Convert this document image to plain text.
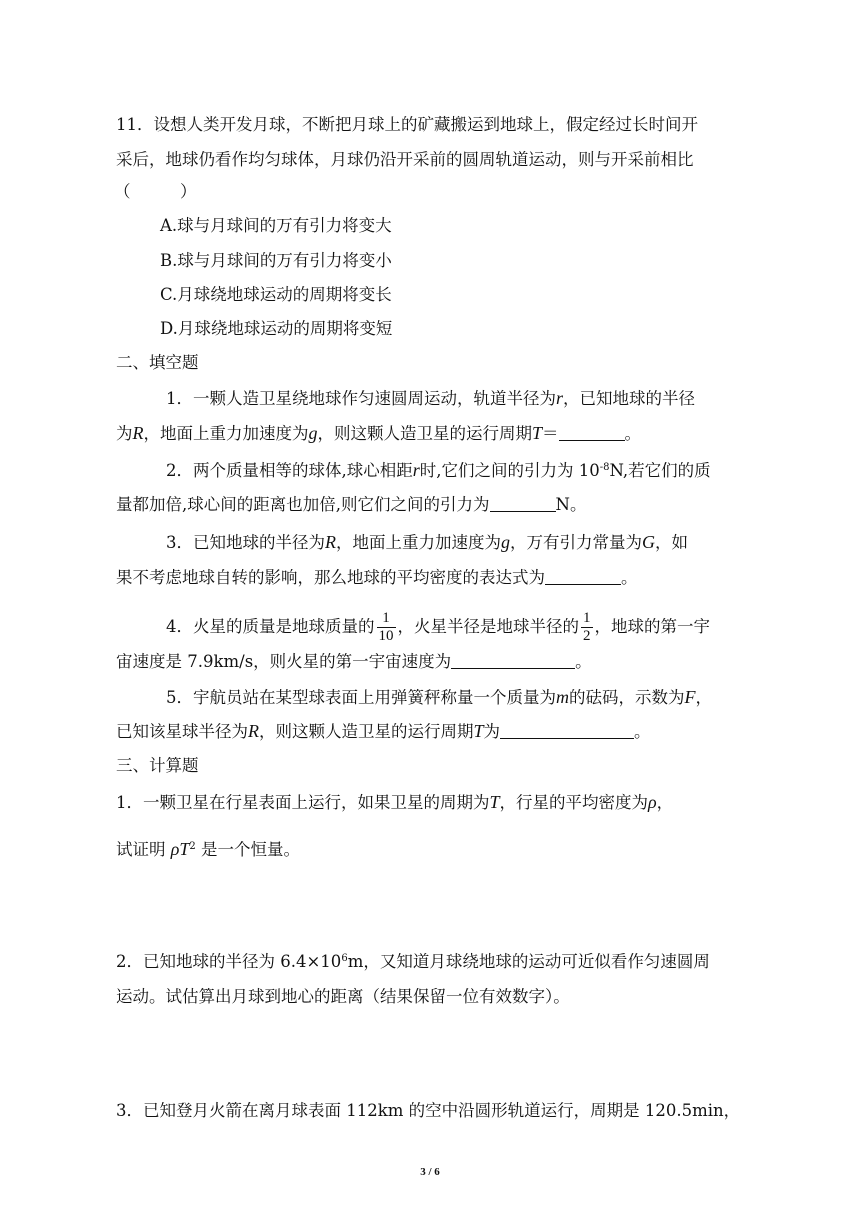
11．设想人类开发月球，不断把月球上的矿藏搬运到地球上，假定经过长时间开
采后，地球仍看作均匀球体，月球仍沿开采前的圆周轨道运动，则与开采前相比
（　　　）
A.球与月球间的万有引力将变大
B.球与月球间的万有引力将变小
C.月球绕地球运动的周期将变长
D.月球绕地球运动的周期将变短
二、填空题
1．一颗人造卫星绕地球作匀速圆周运动，轨道半径为r，已知地球的半径
为R，地面上重力加速度为g，则这颗人造卫星的运行周期T＝	。
2．两个质量相等的球体,球心相距r时,它们之间的引力为 $10^{-8}N$,若它们的质
量都加倍,球心间的距离也加倍,则它们之间的引力为	N。
3．已知地球的半径为R，地面上重力加速度为g，万有引力常量为G，如
果不考虑地球自转的影响，那么地球的平均密度的表达式为	。
4．火星的质量是地球质量的 $\frac{1}{10}$ ，火星半径是地球半径的 $\frac{1}{2}$ ，地球的第一宇
宙速度是 7.9km/s，则火星的第一宇宙速度为	。
5．宇航员站在某型球表面上用弹簧秤称量一个质量为m的砝码，示数为F，
已知该星球半径为R，则这颗人造卫星的运行周期T为	。
三、计算题
1．一颗卫星在行星表面上运行，如果卫星的周期为T，行星的平均密度为ρ，
试证明 $\rho T^2$ 是一个恒量。
2．已知地球的半径为 $6.4\times 10^6m$，又知道月球绕地球的运动可近似看作匀速圆周
运动。试估算出月球到地心的距离（结果保留一位有效数字）。
3．已知登月火箭在离月球表面 112km 的空中沿圆形轨道运行，周期是 120.5min，
3 / 6
